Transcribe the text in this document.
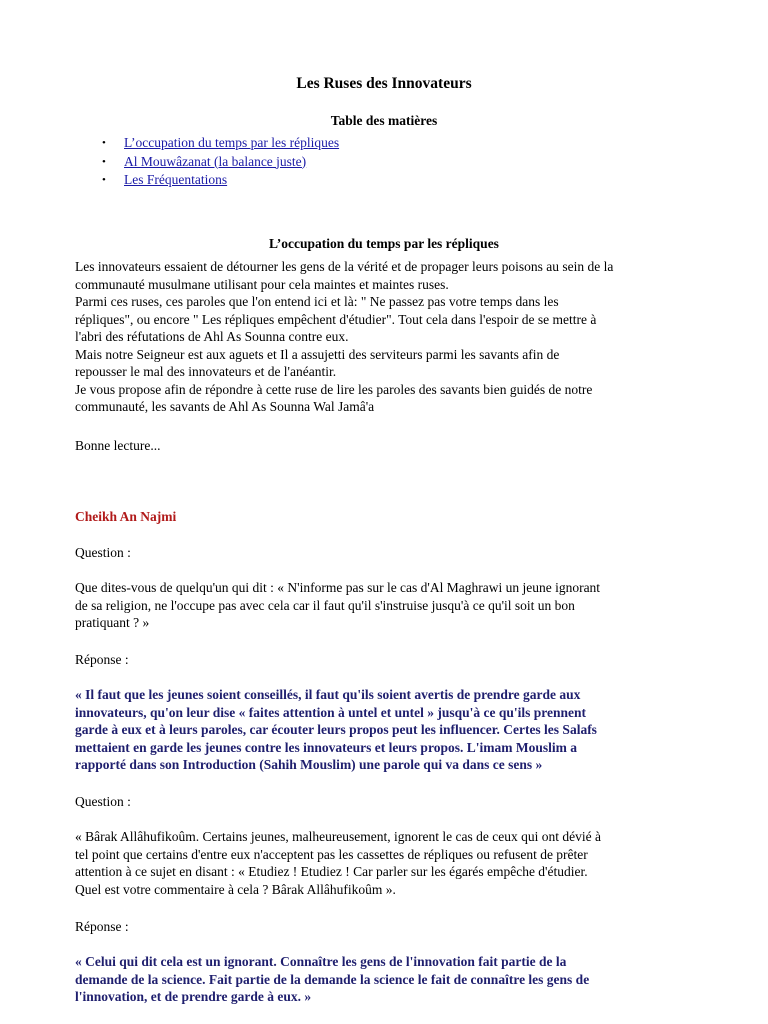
Les Ruses des Innovateurs
Table des matières
• L’occupation du temps par les répliques
• Al Mouwâzanat (la balance juste)
• Les Fréquentations
L’occupation du temps par les répliques
Les innovateurs essaient de détourner les gens de la vérité et de propager leurs poisons au sein de la
communauté musulmane utilisant pour cela maintes et maintes ruses.
Parmi ces ruses, ces paroles que l'on entend ici et là: " Ne passez pas votre temps dans les
répliques", ou encore " Les répliques empêchent d'étudier". Tout cela dans l'espoir de se mettre à
l'abri des réfutations de Ahl As Sounna contre eux.
Mais notre Seigneur est aux aguets et Il a assujetti des serviteurs parmi les savants afin de
repousser le mal des innovateurs et de l'anéantir.
Je vous propose afin de répondre à cette ruse de lire les paroles des savants bien guidés de notre
communauté, les savants de Ahl As Sounna Wal Jamâ'a
Bonne lecture...
Cheikh An Najmi
Question :
Que dites-vous de quelqu'un qui dit : « N'informe pas sur le cas d'Al Maghrawi un jeune ignorant
de sa religion, ne l'occupe pas avec cela car il faut qu'il s'instruise jusqu'à ce qu'il soit un bon
pratiquant ? »
Réponse :
« Il faut que les jeunes soient conseillés, il faut qu'ils soient avertis de prendre garde aux
innovateurs, qu'on leur dise « faites attention à untel et untel » jusqu'à ce qu'ils prennent
garde à eux et à leurs paroles, car écouter leurs propos peut les influencer. Certes les Salafs
mettaient en garde les jeunes contre les innovateurs et leurs propos. L'imam Mouslim a
rapporté dans son Introduction (Sahih Mouslim) une parole qui va dans ce sens »
Question :
« Bârak Allâhufikoûm. Certains jeunes, malheureusement, ignorent le cas de ceux qui ont dévié à
tel point que certains d'entre eux n'acceptent pas les cassettes de répliques ou refusent de prêter
attention à ce sujet en disant : « Etudiez ! Etudiez ! Car parler sur les égarés empêche d'étudier.
Quel est votre commentaire à cela ? Bârak Allâhufikoûm ».
Réponse :
« Celui qui dit cela est un ignorant. Connaître les gens de l'innovation fait partie de la
demande de la science. Fait partie de la demande la science le fait de connaître les gens de
l'innovation, et de prendre garde à eux. »
